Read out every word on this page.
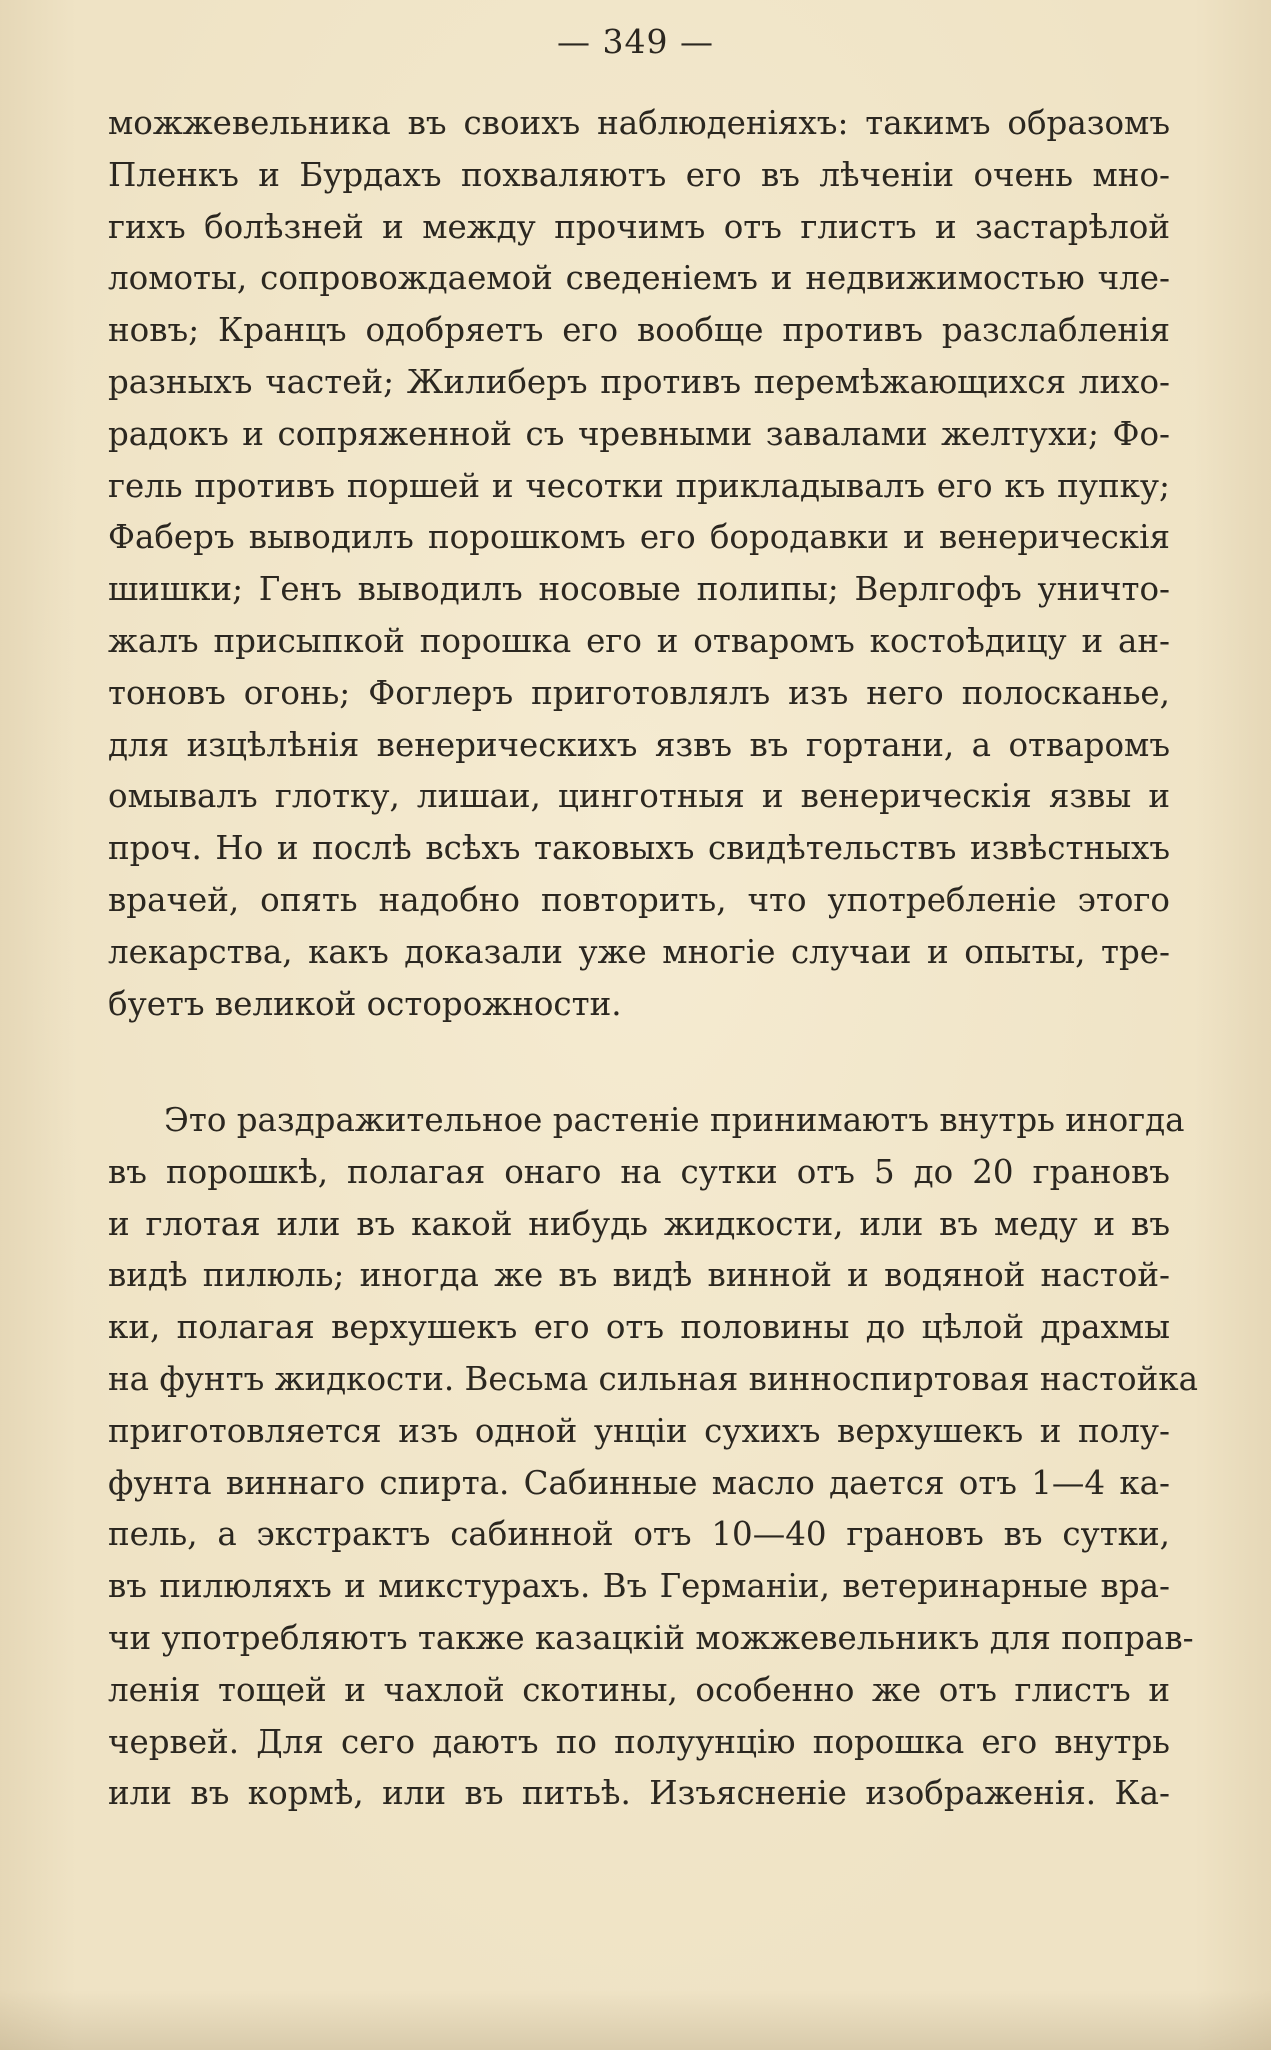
— 349 —
можжевельника въ своихъ наблюденіяхъ: такимъ образомъ
Пленкъ и Бурдахъ похваляютъ его въ лѣченіи очень мно-
гихъ болѣзней и между прочимъ отъ глистъ и застарѣлой
ломоты, сопровождаемой сведеніемъ и недвижимостью чле-
новъ; Кранцъ одобряетъ его вообще противъ разслабленія
разныхъ частей; Жилиберъ противъ перемѣжающихся лихо-
радокъ и сопряженной съ чревными завалами желтухи; Фо-
гель противъ поршей и чесотки прикладывалъ его къ пупку;
Фаберъ выводилъ порошкомъ его бородавки и венерическія
шишки; Генъ выводилъ носовые полипы; Верлгофъ уничто-
жалъ присыпкой порошка его и отваромъ костоѣдицу и ан-
тоновъ огонь; Фоглеръ приготовлялъ изъ него полосканье,
для изцѣлѣнія венерическихъ язвъ въ гортани, а отваромъ
омывалъ глотку, лишаи, цинготныя и венерическія язвы и
проч. Но и послѣ всѣхъ таковыхъ свидѣтельствъ извѣстныхъ
врачей, опять надобно повторить, что употребленіе этого
лекарства, какъ доказали уже многіе случаи и опыты, тре-
буетъ великой осторожности.
Это раздражительное растеніе принимаютъ внутрь иногда
въ порошкѣ, полагая онаго на сутки отъ 5 до 20 грановъ
и глотая или въ какой нибудь жидкости, или въ меду и въ
видѣ пилюль; иногда же въ видѣ винной и водяной настой-
ки, полагая верхушекъ его отъ половины до цѣлой драхмы
на фунтъ жидкости. Весьма сильная винноспиртовая настойка
приготовляется изъ одной унціи сухихъ верхушекъ и полу-
фунта виннаго спирта. Сабинные масло дается отъ 1—4 ка-
пель, а экстрактъ сабинной отъ 10—40 грановъ въ сутки,
въ пилюляхъ и микстурахъ. Въ Германіи, ветеринарные вра-
чи употребляютъ также казацкій можжевельникъ для поправ-
ленія тощей и чахлой скотины, особенно же отъ глистъ и
червей. Для сего даютъ по полуунцію порошка его внутрь
или въ кормѣ, или въ питьѣ. Изъясненіе изображенія. Ка-
